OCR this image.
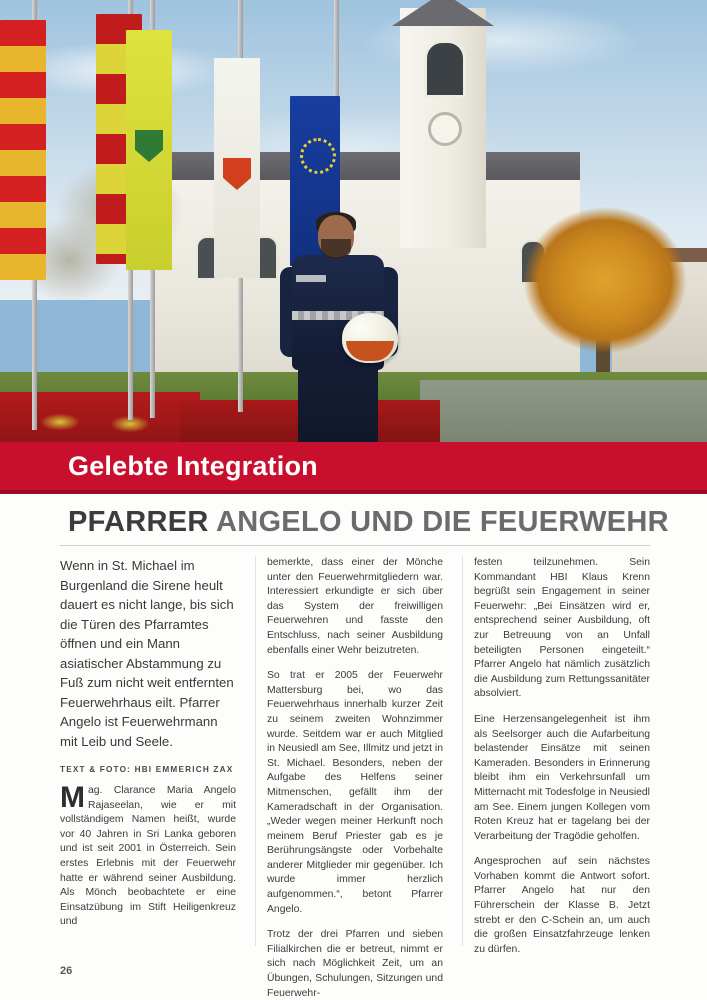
Gelebte Integration
PFARRER ANGELO UND DIE FEUERWEHR

Wenn in St. Michael im Burgenland die Sirene heult dauert es nicht lange, bis sich die Türen des Pfarramtes öffnen und ein Mann asiatischer Abstammung zu Fuß zum nicht weit entfernten Feuerwehrhaus eilt. Pfarrer Angelo ist Feuerwehrmann mit Leib und Seele.

TEXT & FOTO: HBI EMMERICH ZAX

Mag. Clarance Maria Angelo Rajaseelan, wie er mit vollständigem Namen heißt, wurde vor 40 Jahren in Sri Lanka geboren und ist seit 2001 in Österreich. Sein erstes Erlebnis mit der Feuerwehr hatte er während seiner Ausbildung. Als Mönch beobachtete er eine Einsatzübung im Stift Heiligenkreuz und

bemerkte, dass einer der Mönche unter den Feuerwehrmitgliedern war. Interessiert erkundigte er sich über das System der freiwilligen Feuerwehren und fasste den Entschluss, nach seiner Ausbildung ebenfalls einer Wehr beizutreten.

So trat er 2005 der Feuerwehr Mattersburg bei, wo das Feuerwehrhaus innerhalb kurzer Zeit zu seinem zweiten Wohnzimmer wurde. Seitdem war er auch Mitglied in Neusiedl am See, Illmitz und jetzt in St. Michael. Besonders, neben der Aufgabe des Helfens seiner Mitmenschen, gefällt ihm der Kameradschaft in der Organisation. „Weder wegen meiner Herkunft noch meinem Beruf Priester gab es je Berührungsängste oder Vorbehalte anderer Mitglieder mir gegenüber. Ich wurde immer herzlich aufgenommen.“, betont Pfarrer Angelo.

Trotz der drei Pfarren und sieben Filialkirchen die er betreut, nimmt er sich nach Möglichkeit Zeit, um an Übungen, Schulungen, Sitzungen und Feuerwehr-

festen teilzunehmen. Sein Kommandant HBI Klaus Krenn begrüßt sein Engagement in seiner Feuerwehr: „Bei Einsätzen wird er, entsprechend seiner Ausbildung, oft zur Betreuung von an Unfall beteiligten Personen eingeteilt.“ Pfarrer Angelo hat nämlich zusätzlich die Ausbildung zum Rettungssanitäter absolviert.

Eine Herzensangelegenheit ist ihm als Seelsorger auch die Aufarbeitung belastender Einsätze mit seinen Kameraden. Besonders in Erinnerung bleibt ihm ein Verkehrsunfall um Mitternacht mit Todesfolge in Neusiedl am See. Einem jungen Kollegen vom Roten Kreuz hat er tagelang bei der Verarbeitung der Tragödie geholfen.

Angesprochen auf sein nächstes Vorhaben kommt die Antwort sofort. Pfarrer Angelo hat nur den Führerschein der Klasse B. Jetzt strebt er den C-Schein an, um auch die großen Einsatzfahrzeuge lenken zu dürfen.

26
